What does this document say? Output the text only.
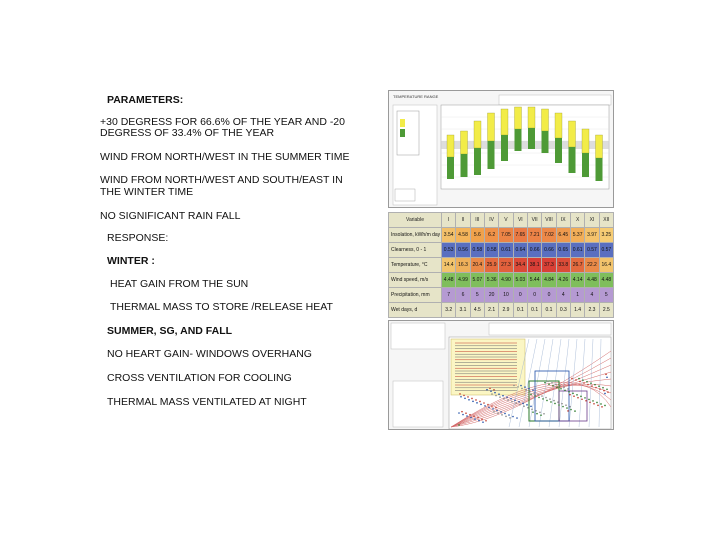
PARAMETERS:
+30 DEGRESS FOR 66.6% OF THE YEAR AND -20
DEGRESS OF 33.4% OF THE YEAR
WIND FROM NORTH/WEST IN THE SUMMER TIME
WIND FROM NORTH/WEST AND SOUTH/EAST IN
THE WINTER TIME
NO SIGNIFICANT RAIN FALL
RESPONSE:
WINTER :
HEAT GAIN FROM THE SUN
THERMAL MASS TO STORE /RELEASE HEAT
SUMMER, SG, AND FALL
NO HEART GAIN- WINDOWS OVERHANG
CROSS VENTILATION FOR COOLING
THERMAL MASS VENTILATED AT NIGHT
TEMPERATURE RANGE
Variable	I	II	III	IV	V	VI	VII	VIII	IX	X	XI	XII
Insolation, kWh/m day	3.54	4.58	5.6	6.2	7.05	7.65	7.21	7.02	6.45	5.37	3.97	3.25
Clearness, 0 - 1	0.53	0.56	0.58	0.58	0.61	0.64	0.66	0.66	0.65	0.61	0.57	0.57
Temperature, °C	14.4	16.3	20.4	25.9	27.3	34.4	38.1	37.3	33.8	26.7	22.2	16.4
Wind speed, m/s	4.48	4.99	5.07	5.36	4.90	5.03	5.44	4.84	4.26	4.14	4.48	4.48
Precipitation, mm	7	6	5	20	10	0	0	0	4	1	4	5
Wet days, d	3.2	3.1	4.5	2.1	2.9	0.1	0.1	0.1	0.3	1.4	2.3	2.5
